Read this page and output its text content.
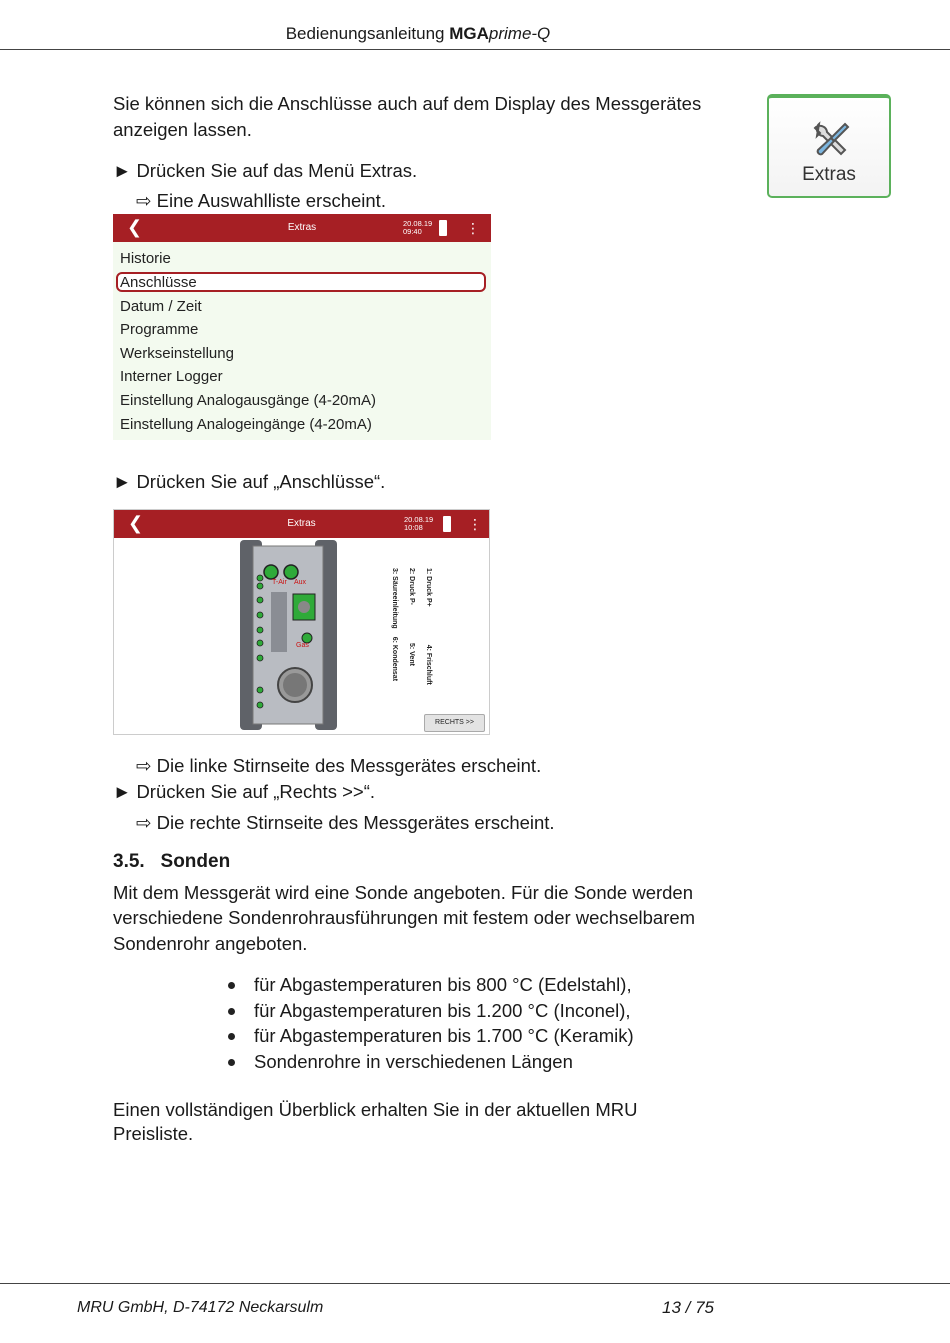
Bedienungsanleitung MGAprime-Q
Sie können sich die Anschlüsse auch auf dem Display des Messgerätes
anzeigen lassen.
Extras
► Drücken Sie auf das Menü Extras.
⇨ Eine Auswahlliste erscheint.
❮	Extras	20.08.19
09:40	⋮
Historie
Anschlüsse
Datum / Zeit
Programme
Werkseinstellung
Interner Logger
Einstellung Analogausgänge (4-20mA)
Einstellung Analogeingänge (4-20mA)
► Drücken Sie auf „Anschlüsse“.
❮	Extras	20.08.19
10:08	⋮
T-Air Aux
Gas
1: Druck P+
4: Frischluft
2: Druck P-
5: Vent
3: Säureeinleitung
6: Kondensat
RECHTS >>
⇨ Die linke Stirnseite des Messgerätes erscheint.
► Drücken Sie auf „Rechts >>“.
⇨ Die rechte Stirnseite des Messgerätes erscheint.
3.5.   Sonden
Mit dem Messgerät wird eine Sonde angeboten. Für die Sonde werden
verschiedene Sondenrohrausführungen mit festem oder wechselbarem
Sondenrohr angeboten.
für Abgastemperaturen bis 800 °C (Edelstahl),
für Abgastemperaturen bis 1.200 °C (Inconel),
für Abgastemperaturen bis 1.700 °C (Keramik)
Sondenrohre in verschiedenen Längen
Einen vollständigen Überblick erhalten Sie in der aktuellen MRU
Preisliste.
MRU GmbH, D-74172 Neckarsulm	13 / 75
